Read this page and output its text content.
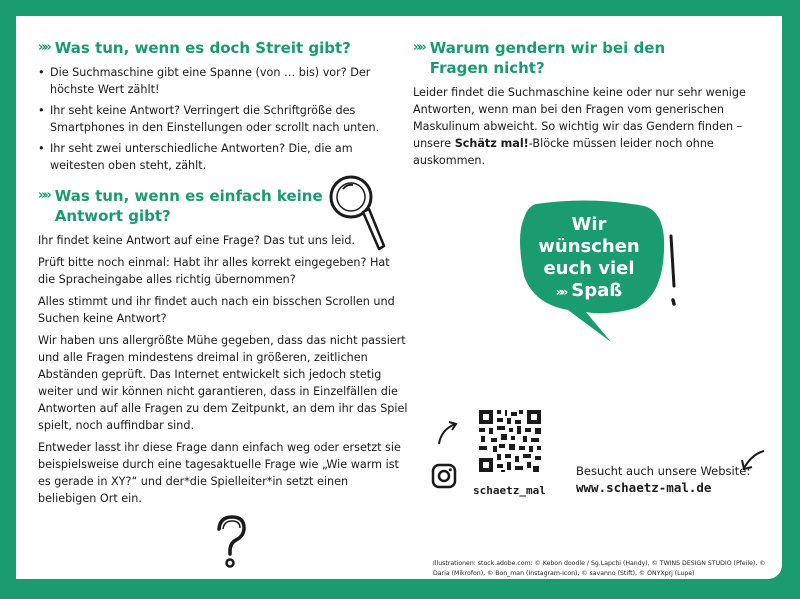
»» Was tun, wenn es doch Streit gibt?
• Die Suchmaschine gibt eine Spanne (von … bis) vor? Der höchste Wert zählt!
• Ihr seht keine Antwort? Verringert die Schriftgröße des Smartphones in den Einstellungen oder scrollt nach unten.
• Ihr seht zwei unterschiedliche Antworten? Die, die am weitesten oben steht, zählt.
»» Was tun, wenn es einfach keine
Antwort gibt?

Ihr findet keine Antwort auf eine Frage? Das tut uns leid.

Prüft bitte noch einmal: Habt ihr alles korrekt eingegeben? Hat die Spracheingabe alles richtig übernommen?

Alles stimmt und ihr findet auch nach ein bisschen Scrollen und Suchen keine Antwort?

Wir haben uns allergrößte Mühe gegeben, dass das nicht passiert und alle Fragen mindestens dreimal in größeren, zeitlichen Abständen geprüft. Das Internet entwickelt sich jedoch stetig weiter und wir können nicht garantieren, dass in Einzelfällen die Antworten auf alle Fragen zu dem Zeitpunkt, an dem ihr das Spiel spielt, noch auffindbar sind.

Entweder lasst ihr diese Frage dann einfach weg oder ersetzt sie beispielsweise durch eine tagesaktuelle Frage wie „Wie warm ist es gerade in XY?“ und der*die Spielleiter*in setzt einen beliebigen Ort ein.

»» Warum gendern wir bei den
Fragen nicht?

Leider findet die Suchmaschine keine oder nur sehr wenige Antworten, wenn man bei den Fragen vom generischen Maskulinum abweicht. So wichtig wir das Gendern finden – unsere Schätz mal!-Blöcke müssen leider noch ohne auskommen.

Wir
wünschen
euch viel
»» Spaß
schaetz_mal
Besucht auch unsere Website:
www.schaetz-mal.de
Illustrationen: stock.adobe.com: © Kebon doodle / Sg.Lapchi (Handy), © TWINS DESIGN STUDIO (Pfeile), © Daria (Mikrofon), © Bon_man (Instagram-Icon), © savanno (Stift), © ONYXprj (Lupe)
